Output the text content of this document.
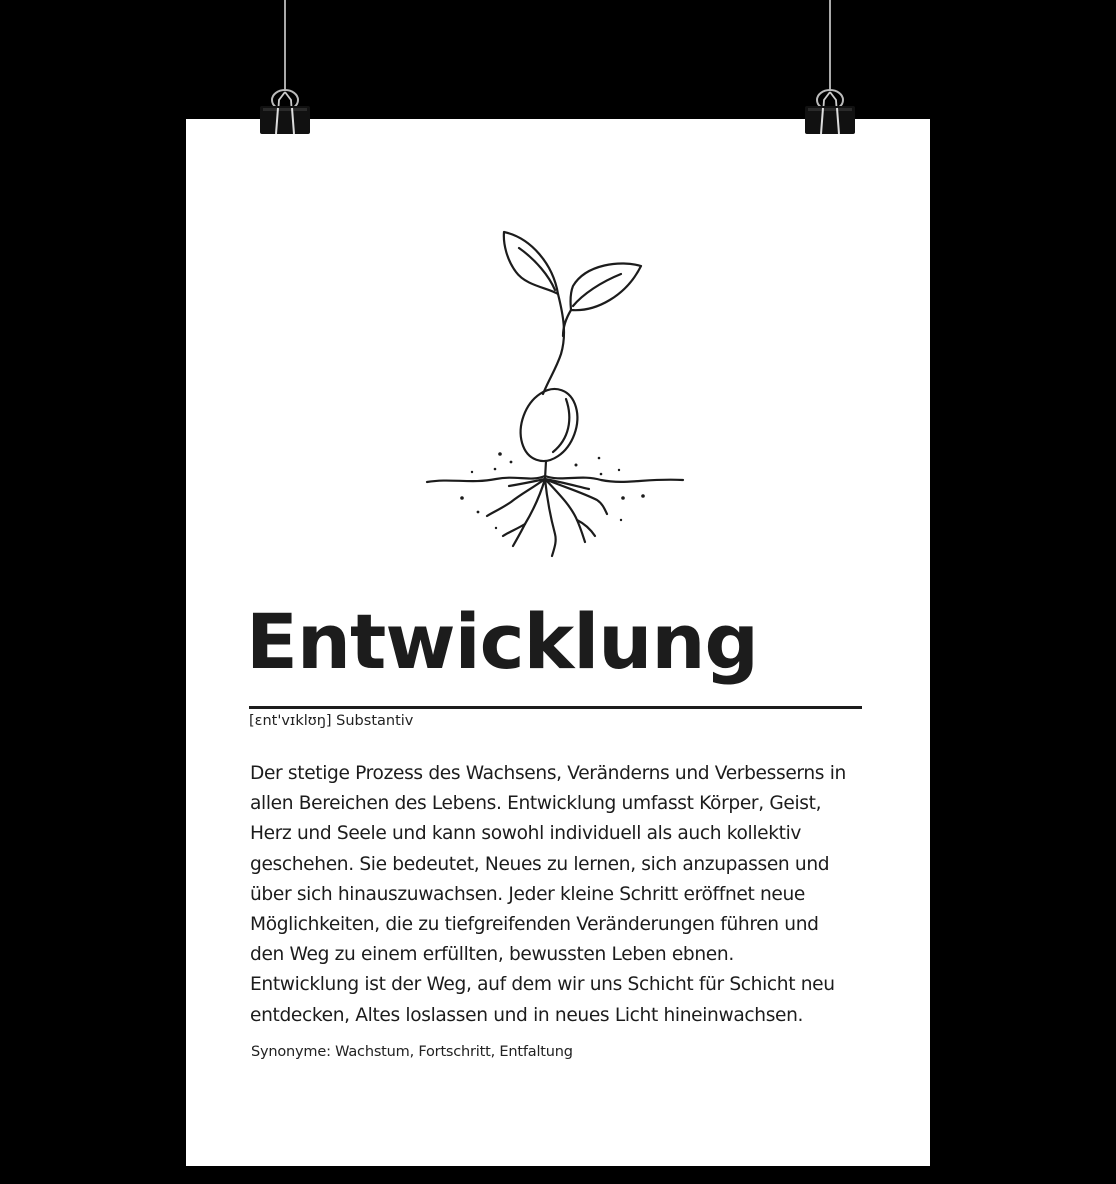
Entwicklung
[ɛnt'vɪklʊŋ] Substantiv

Der stetige Prozess des Wachsens, Veränderns und Verbesserns in
allen Bereichen des Lebens. Entwicklung umfasst Körper, Geist,
Herz und Seele und kann sowohl individuell als auch kollektiv
geschehen. Sie bedeutet, Neues zu lernen, sich anzupassen und
über sich hinauszuwachsen. Jeder kleine Schritt eröffnet neue
Möglichkeiten, die zu tiefgreifenden Veränderungen führen und
den Weg zu einem erfüllten, bewussten Leben ebnen.
Entwicklung ist der Weg, auf dem wir uns Schicht für Schicht neu
entdecken, Altes loslassen und in neues Licht hineinwachsen.

Synonyme: Wachstum, Fortschritt, Entfaltung
